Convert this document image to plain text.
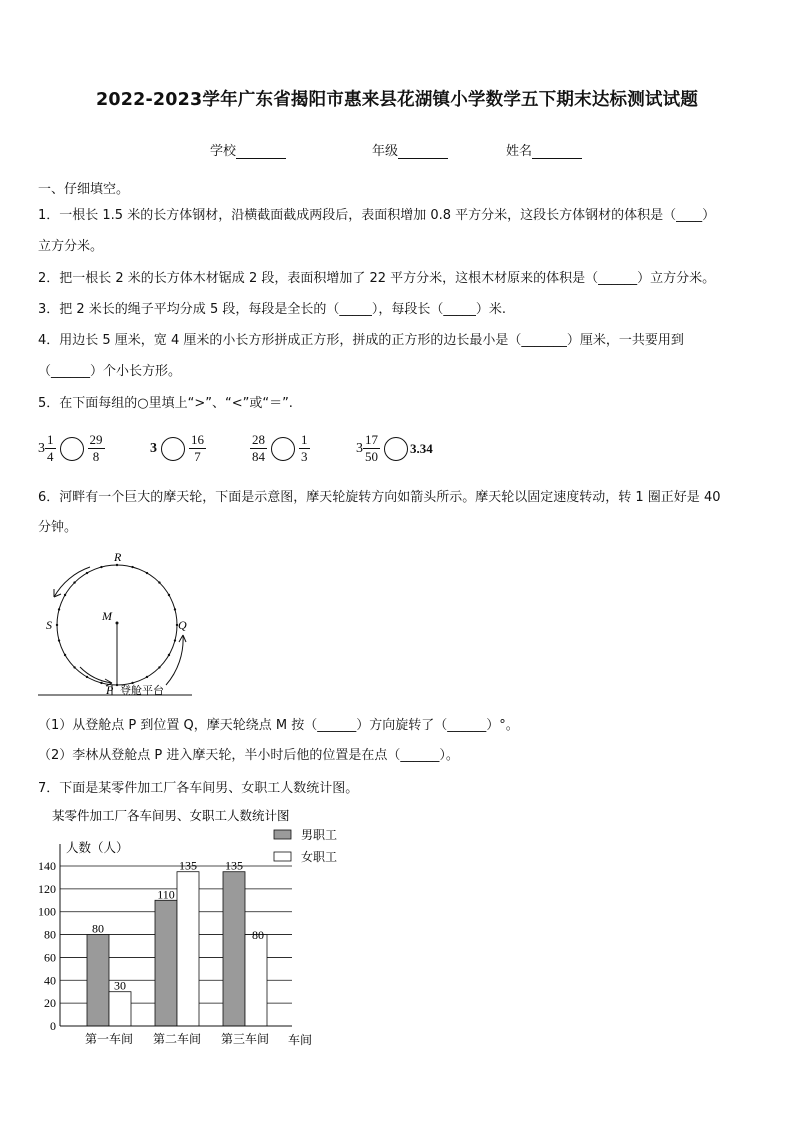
2022-2023学年广东省揭阳市惠来县花湖镇小学数学五下期末达标测试试题
学校	年级	姓名
一、仔细填空。
1．一根长 1.5 米的长方体钢材，沿横截面截成两段后，表面积增加 0.8 平方分米，这段长方体钢材的体积是（____）
立方分米。
2．把一根长 2 米的长方体木材锯成 2 段，表面积增加了 22 平方分米，这根木材原来的体积是（______）立方分米。
3．把 2 米长的绳子平均分成 5 段，每段是全长的（_____），每段长（_____）米.
4．用边长 5 厘米，宽 4 厘米的小长方形拼成正方形，拼成的正方形的边长最小是（_______）厘米，一共要用到
（______）个小长方形。
5．在下面每组的○里填上“>”、“<”或“＝”.
$3 \frac{1}{4} \frac{29}{8}$	$3 \frac{16}{7}$	$\frac{28}{84} \frac{1}{3}$	$3 \frac{17}{50} 3.34$
6．河畔有一个巨大的摩天轮，下面是示意图，摩天轮旋转方向如箭头所示。摩天轮以固定速度转动，转 1 圈正好是 40
分钟。
R
S
M
Q
P 登舱平台
（1）从登舱点 P 到位置 Q，摩天轮绕点 M 按（______）方向旋转了（______）°。
（2）李林从登舱点 P 进入摩天轮，半小时后他的位置是在点（______）。
7．下面是某零件加工厂各车间男、女职工人数统计图。
某零件加工厂各车间男、女职工人数统计图
人数（人）
男职工
女职工
80
30
110
135 135
80
0
20
40
60
80
100
120
140
第一车间 第二车间 第三车间 车间
